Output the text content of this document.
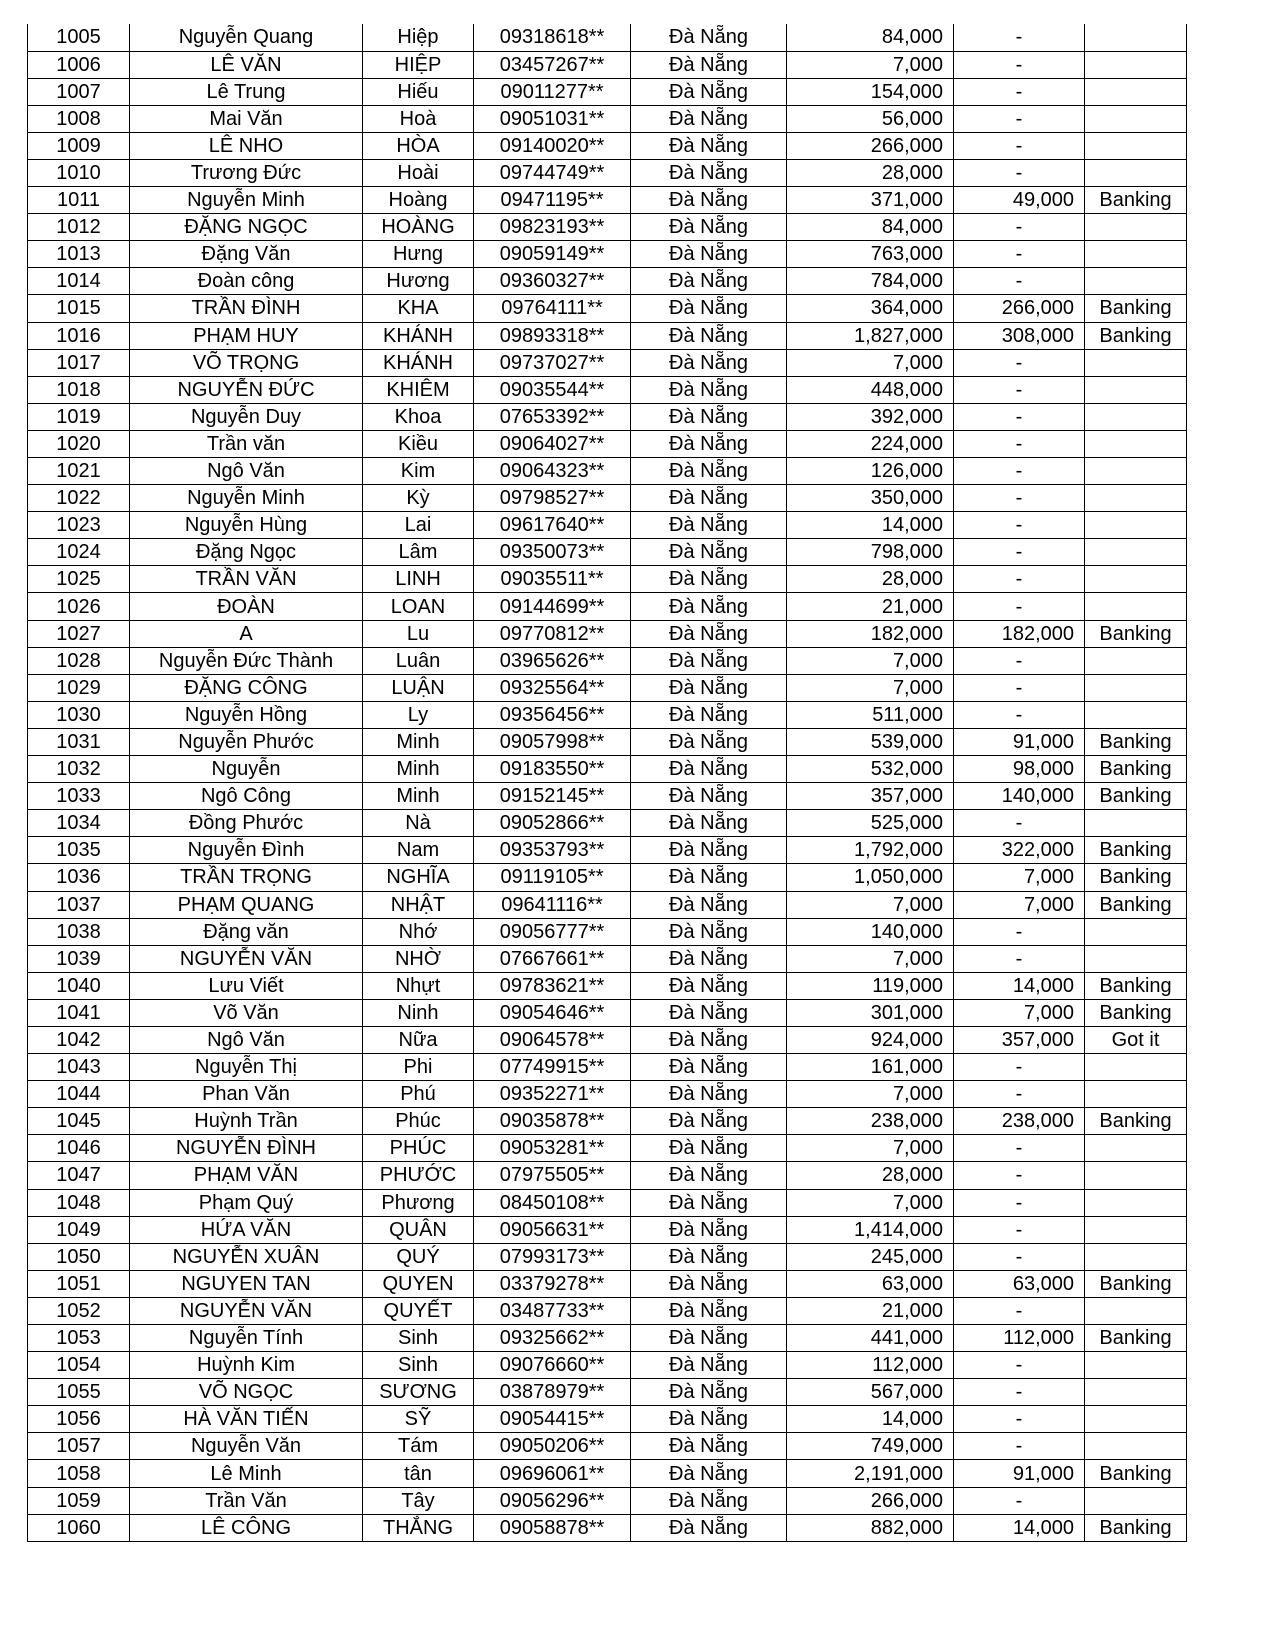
1005	Nguyễn Quang	Hiệp	09318618**	Đà Nẵng	84,000	-	
1006	LÊ VĂN	HIỆP	03457267**	Đà Nẵng	7,000	-	
1007	Lê Trung	Hiếu	09011277**	Đà Nẵng	154,000	-	
1008	Mai Văn	Hoà	09051031**	Đà Nẵng	56,000	-	
1009	LÊ NHO	HÒA	09140020**	Đà Nẵng	266,000	-	
1010	Trương Đức	Hoài	09744749**	Đà Nẵng	28,000	-	
1011	Nguyễn Minh	Hoàng	09471195**	Đà Nẵng	371,000	49,000	Banking
1012	ĐẶNG NGỌC	HOÀNG	09823193**	Đà Nẵng	84,000	-	
1013	Đặng Văn	Hưng	09059149**	Đà Nẵng	763,000	-	
1014	Đoàn công	Hương	09360327**	Đà Nẵng	784,000	-	
1015	TRẦN ĐÌNH	KHA	09764111**	Đà Nẵng	364,000	266,000	Banking
1016	PHẠM HUY	KHÁNH	09893318**	Đà Nẵng	1,827,000	308,000	Banking
1017	VÕ TRỌNG	KHÁNH	09737027**	Đà Nẵng	7,000	-	
1018	NGUYỄN ĐỨC	KHIÊM	09035544**	Đà Nẵng	448,000	-	
1019	Nguyễn Duy	Khoa	07653392**	Đà Nẵng	392,000	-	
1020	Trần văn	Kiều	09064027**	Đà Nẵng	224,000	-	
1021	Ngô Văn	Kim	09064323**	Đà Nẵng	126,000	-	
1022	Nguyễn Minh	Kỳ	09798527**	Đà Nẵng	350,000	-	
1023	Nguyễn Hùng	Lai	09617640**	Đà Nẵng	14,000	-	
1024	Đặng Ngọc	Lâm	09350073**	Đà Nẵng	798,000	-	
1025	TRẦN VĂN	LINH	09035511**	Đà Nẵng	28,000	-	
1026	ĐOÀN	LOAN	09144699**	Đà Nẵng	21,000	-	
1027	A	Lu	09770812**	Đà Nẵng	182,000	182,000	Banking
1028	Nguyễn Đức Thành	Luân	03965626**	Đà Nẵng	7,000	-	
1029	ĐẶNG CÔNG	LUẬN	09325564**	Đà Nẵng	7,000	-	
1030	Nguyễn Hồng	Ly	09356456**	Đà Nẵng	511,000	-	
1031	Nguyễn Phước	Minh	09057998**	Đà Nẵng	539,000	91,000	Banking
1032	Nguyễn	Minh	09183550**	Đà Nẵng	532,000	98,000	Banking
1033	Ngô Công	Minh	09152145**	Đà Nẵng	357,000	140,000	Banking
1034	Đồng Phước	Nà	09052866**	Đà Nẵng	525,000	-	
1035	Nguyễn Đình	Nam	09353793**	Đà Nẵng	1,792,000	322,000	Banking
1036	TRẦN TRỌNG	NGHĨA	09119105**	Đà Nẵng	1,050,000	7,000	Banking
1037	PHẠM QUANG	NHẬT	09641116**	Đà Nẵng	7,000	7,000	Banking
1038	Đặng văn	Nhớ	09056777**	Đà Nẵng	140,000	-	
1039	NGUYỄN VĂN	NHỜ	07667661**	Đà Nẵng	7,000	-	
1040	Lưu Viết	Nhựt	09783621**	Đà Nẵng	119,000	14,000	Banking
1041	Võ Văn	Ninh	09054646**	Đà Nẵng	301,000	7,000	Banking
1042	Ngô Văn	Nữa	09064578**	Đà Nẵng	924,000	357,000	Got it
1043	Nguyễn Thị	Phi	07749915**	Đà Nẵng	161,000	-	
1044	Phan Văn	Phú	09352271**	Đà Nẵng	7,000	-	
1045	Huỳnh Trần	Phúc	09035878**	Đà Nẵng	238,000	238,000	Banking
1046	NGUYỄN ĐÌNH	PHÚC	09053281**	Đà Nẵng	7,000	-	
1047	PHẠM VĂN	PHƯỚC	07975505**	Đà Nẵng	28,000	-	
1048	Phạm Quý	Phương	08450108**	Đà Nẵng	7,000	-	
1049	HỨA VĂN	QUÂN	09056631**	Đà Nẵng	1,414,000	-	
1050	NGUYỄN XUÂN	QUÝ	07993173**	Đà Nẵng	245,000	-	
1051	NGUYEN TAN	QUYEN	03379278**	Đà Nẵng	63,000	63,000	Banking
1052	NGUYỄN VĂN	QUYẾT	03487733**	Đà Nẵng	21,000	-	
1053	Nguyễn Tính	Sinh	09325662**	Đà Nẵng	441,000	112,000	Banking
1054	Huỳnh Kim	Sinh	09076660**	Đà Nẵng	112,000	-	
1055	VÕ NGỌC	SƯƠNG	03878979**	Đà Nẵng	567,000	-	
1056	HÀ VĂN TIẾN	SỸ	09054415**	Đà Nẵng	14,000	-	
1057	Nguyễn Văn	Tám	09050206**	Đà Nẵng	749,000	-	
1058	Lê Minh	tân	09696061**	Đà Nẵng	2,191,000	91,000	Banking
1059	Trần Văn	Tây	09056296**	Đà Nẵng	266,000	-	
1060	LÊ CÔNG	THẮNG	09058878**	Đà Nẵng	882,000	14,000	Banking
